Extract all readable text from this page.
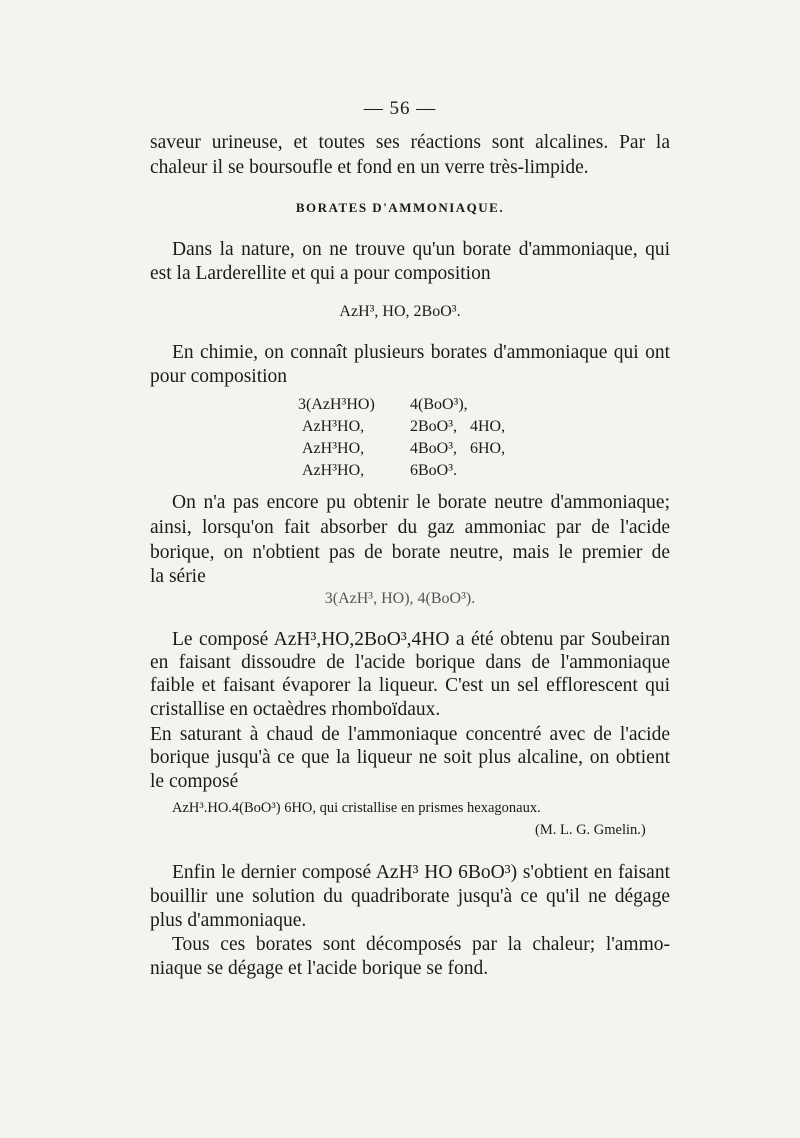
— 56 —
saveur urineuse, et toutes ses réactions sont alcalines. Par la
chaleur il se boursoufle et fond en un verre très-limpide.
BORATES D'AMMONIAQUE.
Dans la nature, on ne trouve qu'un borate d'ammoniaque, qui
est la Larderellite et qui a pour composition
AzH³, HO, 2BoO³.
En chimie, on connaît plusieurs borates d'ammoniaque qui ont
pour composition
3(AzH³HO) 4(BoO³),
AzH³HO,	2BoO³, 4HO,
AzH³HO,	4BoO³, 6HO,
AzH³HO,	6BoO³.
On n'a pas encore pu obtenir le borate neutre d'ammoniaque;
ainsi, lorsqu'on fait absorber du gaz ammoniac par de l'acide
borique, on n'obtient pas de borate neutre, mais le premier de
la série
3(AzH³, HO), 4(BoO³).
Le composé AzH³,HO,2BoO³,4HO a été obtenu par Soubeiran
en faisant dissoudre de l'acide borique dans de l'ammoniaque
faible et faisant évaporer la liqueur. C'est un sel efflorescent qui
cristallise en octaèdres rhomboïdaux.
En saturant à chaud de l'ammoniaque concentré avec de l'acide
borique jusqu'à ce que la liqueur ne soit plus alcaline, on obtient
le composé
AzH³.HO.4(BoO³) 6HO, qui cristallise en prismes hexagonaux.
(M. L. G. Gmelin.)
Enfin le dernier composé AzH³ HO 6BoO³) s'obtient en faisant
bouillir une solution du quadriborate jusqu'à ce qu'il ne dégage
plus d'ammoniaque.
Tous ces borates sont décomposés par la chaleur; l'ammo-
niaque se dégage et l'acide borique se fond.
